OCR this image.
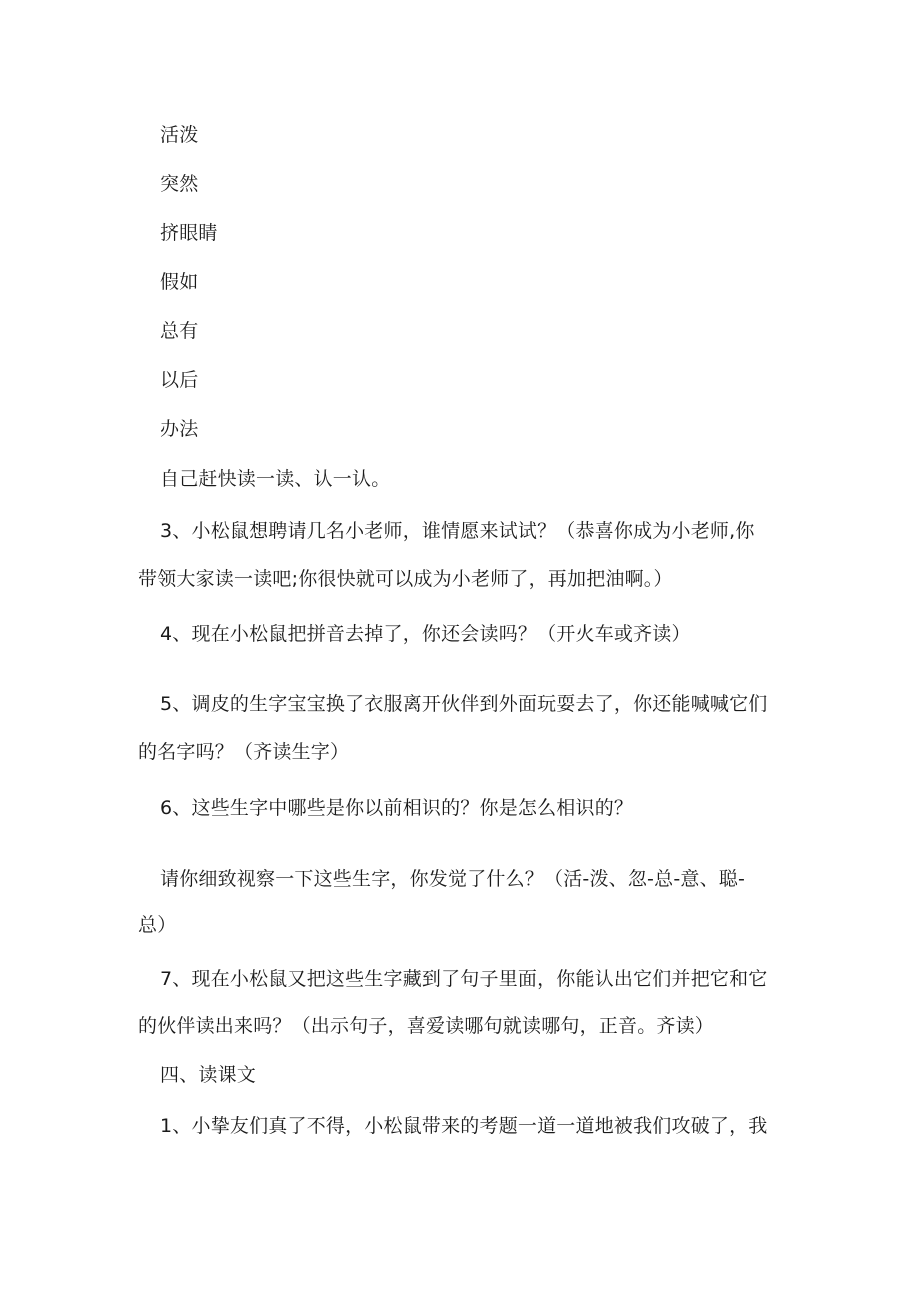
活泼
突然
挤眼睛
假如
总有
以后
办法
自己赶快读一读、认一认。
3、小松鼠想聘请几名小老师，谁情愿来试试？（恭喜你成为小老师,你
带领大家读一读吧;你很快就可以成为小老师了，再加把油啊。）
4、现在小松鼠把拼音去掉了，你还会读吗？（开火车或齐读）
5、调皮的生字宝宝换了衣服离开伙伴到外面玩耍去了，你还能喊喊它们
的名字吗？（齐读生字）
6、这些生字中哪些是你以前相识的？你是怎么相识的？
请你细致视察一下这些生字，你发觉了什么？（活-泼、忽-总-意、聪-
总）
7、现在小松鼠又把这些生字藏到了句子里面，你能认出它们并把它和它
的伙伴读出来吗？（出示句子，喜爱读哪句就读哪句，正音。齐读）
四、读课文
1、小挚友们真了不得，小松鼠带来的考题一道一道地被我们攻破了，我
